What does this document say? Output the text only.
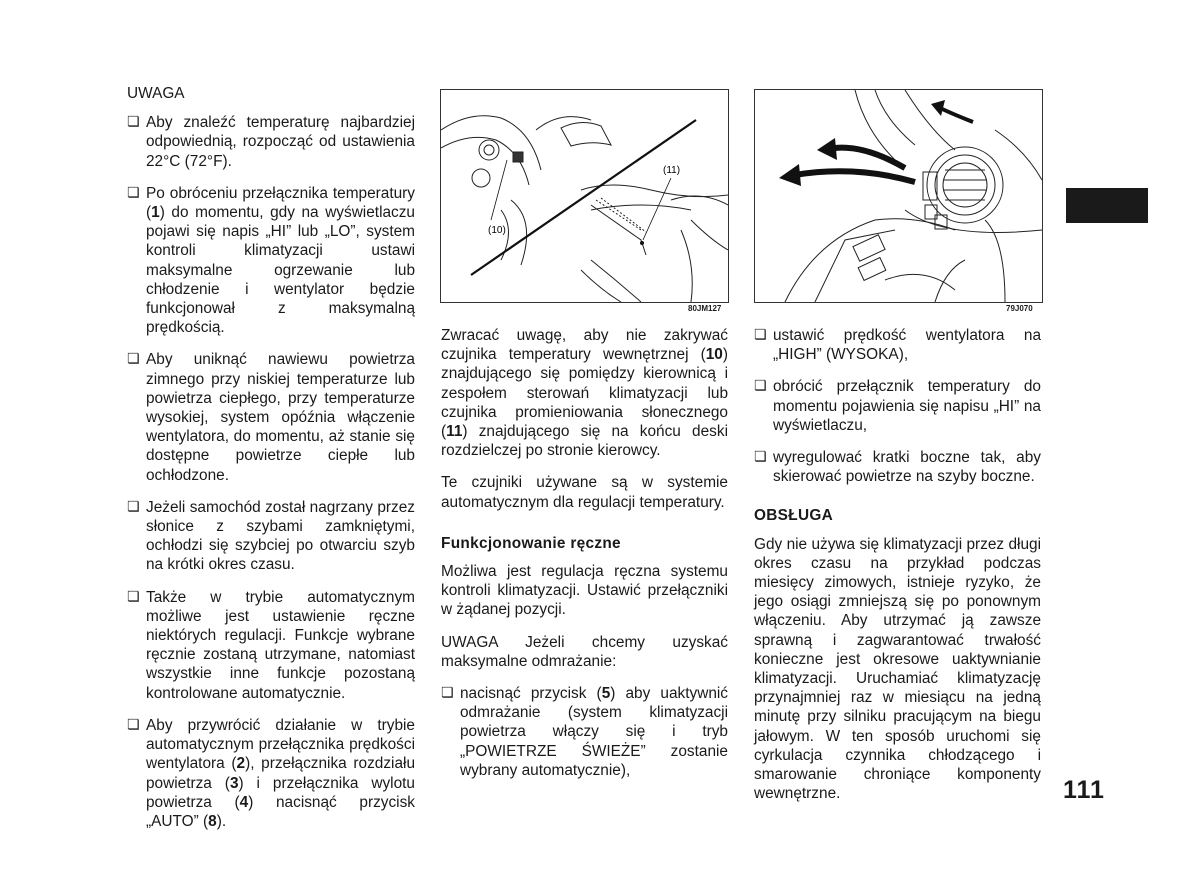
UWAGA
❏ Aby znaleźć temperaturę najbardziej odpowiednią, rozpocząć od ustawienia 22°C (72°F).
❏ Po obróceniu przełącznika temperatury (1) do momentu, gdy na wyświetlaczu pojawi się napis „HI” lub „LO”, system kontroli klimatyzacji ustawi maksymalne ogrzewanie lub chłodzenie i wentylator będzie funkcjonował z maksymalną prędkością.
❏ Aby uniknąć nawiewu powietrza zimnego przy niskiej temperaturze lub powietrza ciepłego, przy temperaturze wysokiej, system opóźnia włączenie wentylatora, do momentu, aż stanie się dostępne powietrze ciepłe lub ochłodzone.
❏ Jeżeli samochód został nagrzany przez słonice z szybami zamkniętymi, ochłodzi się szybciej po otwarciu szyb na krótki okres czasu.
❏ Także w trybie automatycznym możliwe jest ustawienie ręczne niektórych regulacji. Funkcje wybrane ręcznie zostaną utrzymane, natomiast wszystkie inne funkcje pozostaną kontrolowane automatycznie.
❏ Aby przywrócić działanie w trybie automatycznym przełącznika prędkości wentylatora (2), przełącznika rozdziału powietrza (3) i przełącznika wylotu powietrza (4) nacisnąć przycisk „AUTO” (8).
(10)
(11)
80JM127	79J070
Zwracać uwagę, aby nie zakrywać czujnika temperatury wewnętrznej (10) znajdującego się pomiędzy kierownicą i zespołem sterowań klimatyzacji lub czujnika promieniowania słonecznego (11) znajdującego się na końcu deski rozdzielczej po stronie kierowcy.
Te czujniki używane są w systemie automatycznym dla regulacji temperatury.
Funkcjonowanie ręczne
Możliwa jest regulacja ręczna systemu kontroli klimatyzacji. Ustawić przełączniki w żądanej pozycji.
UWAGA Jeżeli chcemy uzyskać maksymalne odmrażanie:
❏ nacisnąć przycisk (5) aby uaktywnić odmrażanie (system klimatyzacji powietrza włączy się i tryb „POWIETRZE ŚWIEŻE” zostanie wybrany automatycznie),
❏ ustawić prędkość wentylatora na „HIGH” (WYSOKA),
❏ obrócić przełącznik temperatury do momentu pojawienia się napisu „HI” na wyświetlaczu,
❏ wyregulować kratki boczne tak, aby skierować powietrze na szyby boczne.
OBSŁUGA
Gdy nie używa się klimatyzacji przez długi okres czasu na przykład podczas miesięcy zimowych, istnieje ryzyko, że jego osiągi zmniejszą się po ponownym włączeniu. Aby utrzymać ją zawsze sprawną i zagwarantować trwałość konieczne jest okresowe uaktywnianie klimatyzacji. Uruchamiać klimatyzację przynajmniej raz w miesiącu na jedną minutę przy silniku pracującym na biegu jałowym. W ten sposób uruchomi się cyrkulacja czynnika chłodzącego i smarowanie chroniące komponenty wewnętrzne.	111
